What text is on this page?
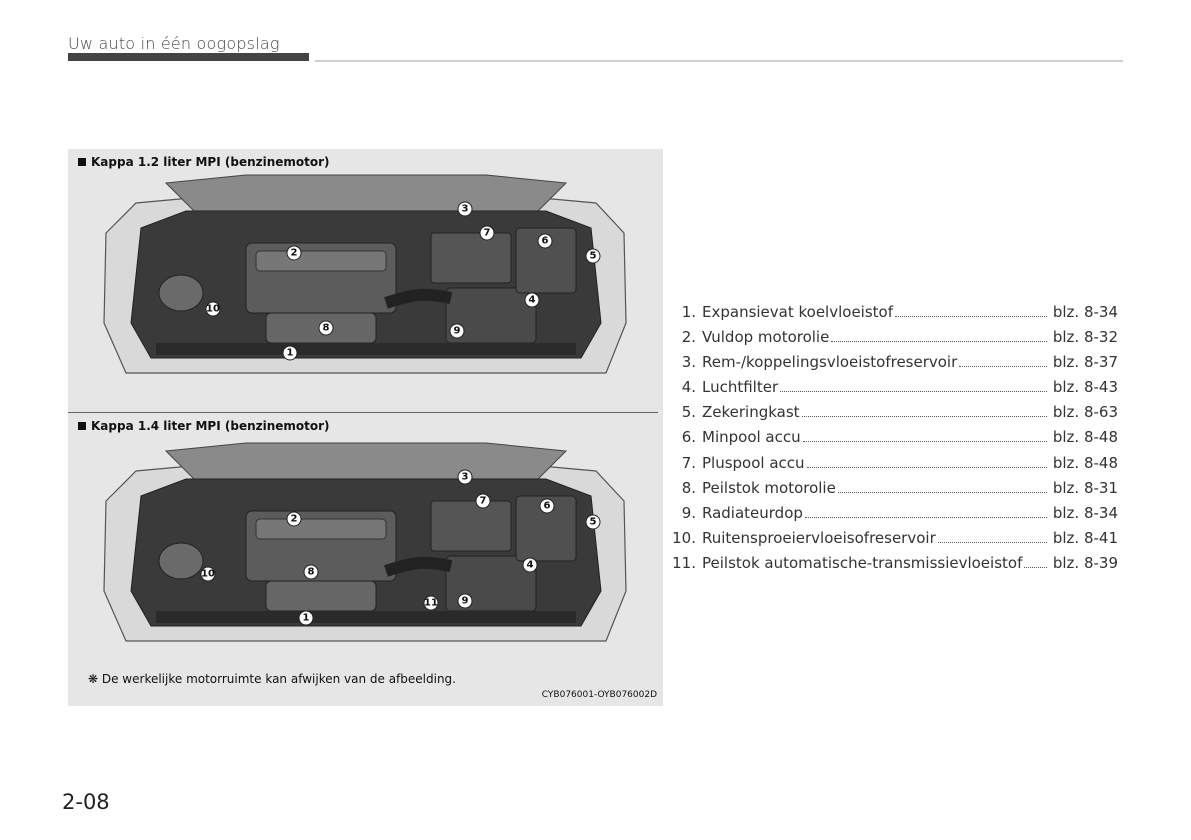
Uw auto in één oogopslag
Kappa 1.2 liter MPI (benzinemotor)
1
2
3
4
5
6
7
8	9
10
Kappa 1.4 liter MPI (benzinemotor)
1
2
3
4
5
6
7
8
9
10
11
❋ De werkelijke motorruimte kan afwijken van de afbeelding.
CYB076001-OYB076002D
1. Expansievat koelvloeistof	blz. 8-34
2. Vuldop motorolie	blz. 8-32
3. Rem-/koppelingsvloeistofreservoir	blz. 8-37
4. Luchtfilter	blz. 8-43
5. Zekeringkast	blz. 8-63
6. Minpool accu	blz. 8-48
7. Pluspool accu	blz. 8-48
8. Peilstok motorolie	blz. 8-31
9. Radiateurdop	blz. 8-34
10. Ruitensproeiervloeisofreservoir	blz. 8-41
11. Peilstok automatische-transmissievloeistof blz. 8-39
2-08
